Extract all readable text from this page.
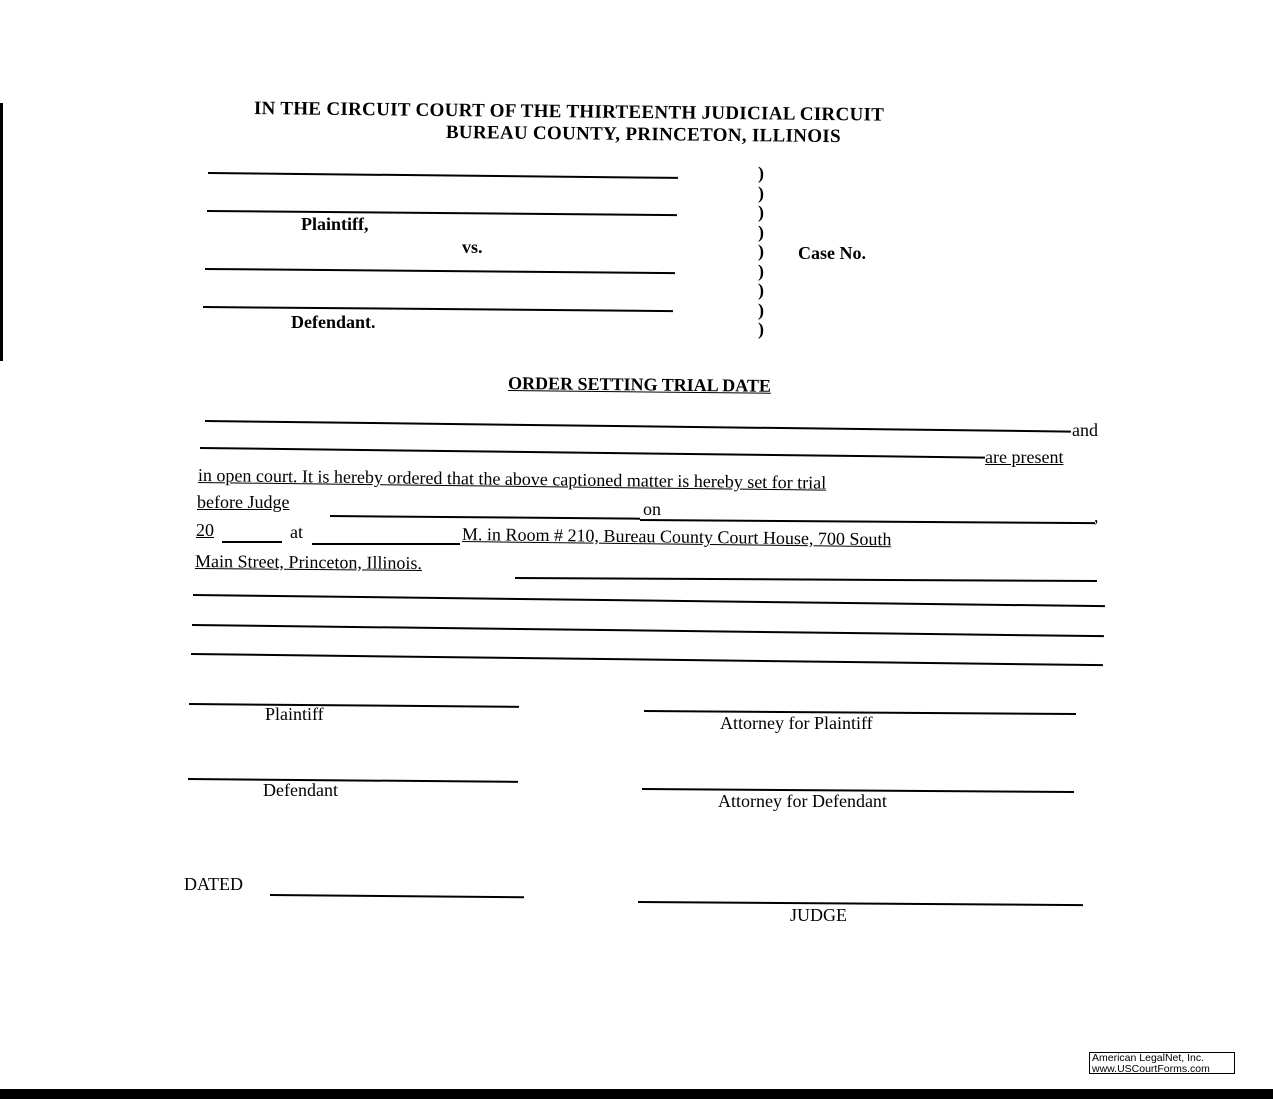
IN THE CIRCUIT COURT OF THE THIRTEENTH JUDICIAL CIRCUIT
BUREAU COUNTY, PRINCETON, ILLINOIS
Plaintiff,
vs.
Defendant.
)
)
)
)
)
)
)
)
)
Case No.
ORDER SETTING TRIAL DATE
and
are present
in open court. It is hereby ordered that the above captioned matter is hereby set for trial
before Judge	on	,
20	at	M. in Room # 210, Bureau County Court House, 700 South
Main Street, Princeton, Illinois.
Plaintiff	Attorney for Plaintiff
Defendant
Attorney for Defendant
DATED
JUDGE
American LegalNet, Inc.
www.USCourtForms.com
